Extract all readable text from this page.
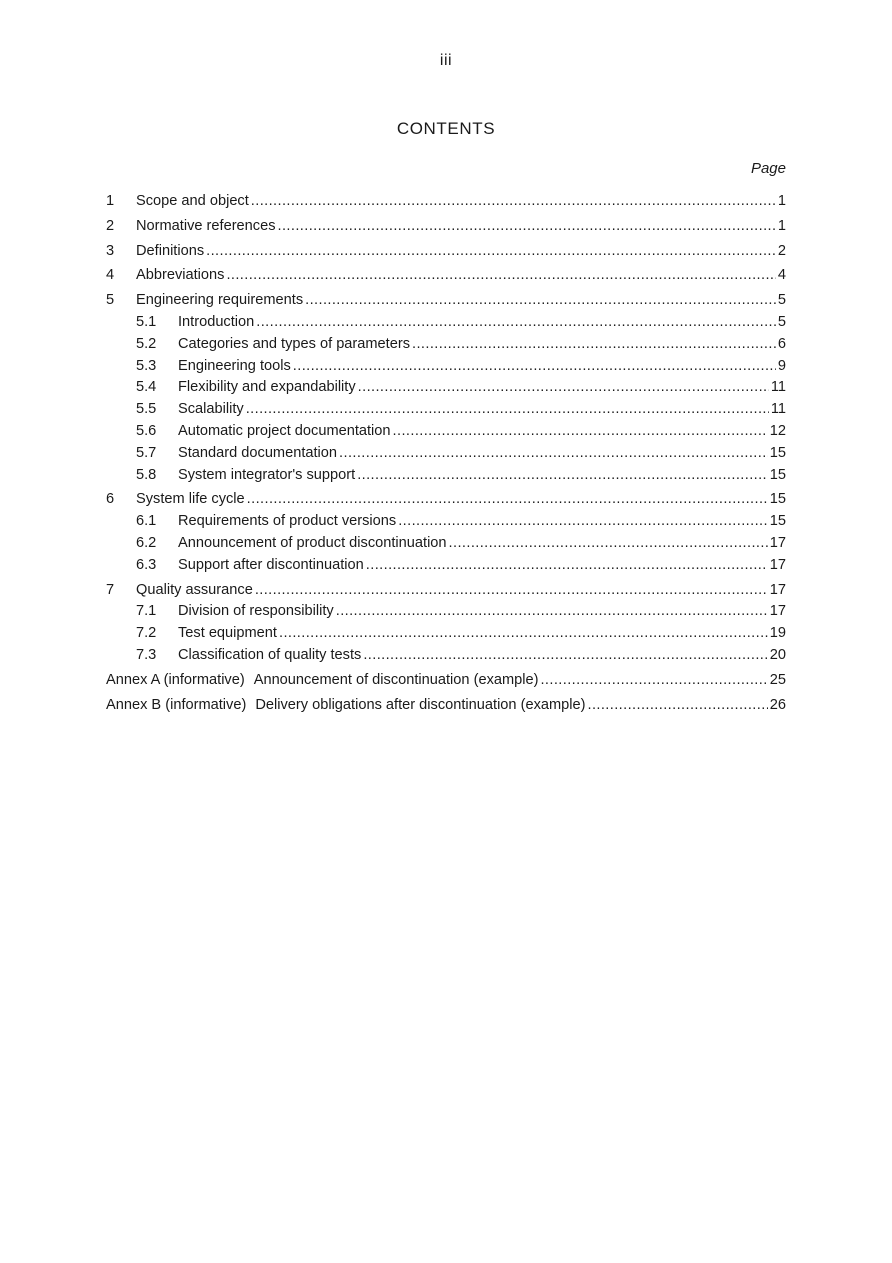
iii
CONTENTS
Page
1	Scope and object .....	1
2	Normative references .....	1
3	Definitions .....	2
4	Abbreviations .....	4
5	Engineering requirements .....	5
5.1	Introduction .....	5
5.2	Categories and types of parameters .....	6
5.3	Engineering tools .....	9
5.4	Flexibility and expandability .....	11
5.5	Scalability .....	11
5.6	Automatic project documentation .....	12
5.7	Standard documentation .....	15
5.8	System integrator's support .....	15
6	System life cycle .....	15
6.1	Requirements of product versions .....	15
6.2	Announcement of product discontinuation .....	17
6.3	Support after discontinuation .....	17
7	Quality assurance .....	17
7.1	Division of responsibility .....	17
7.2	Test equipment .....	19
7.3	Classification of quality tests .....	20
Annex A (informative) Announcement of discontinuation (example) .....	25
Annex B (informative) Delivery obligations after discontinuation (example) .....	26
